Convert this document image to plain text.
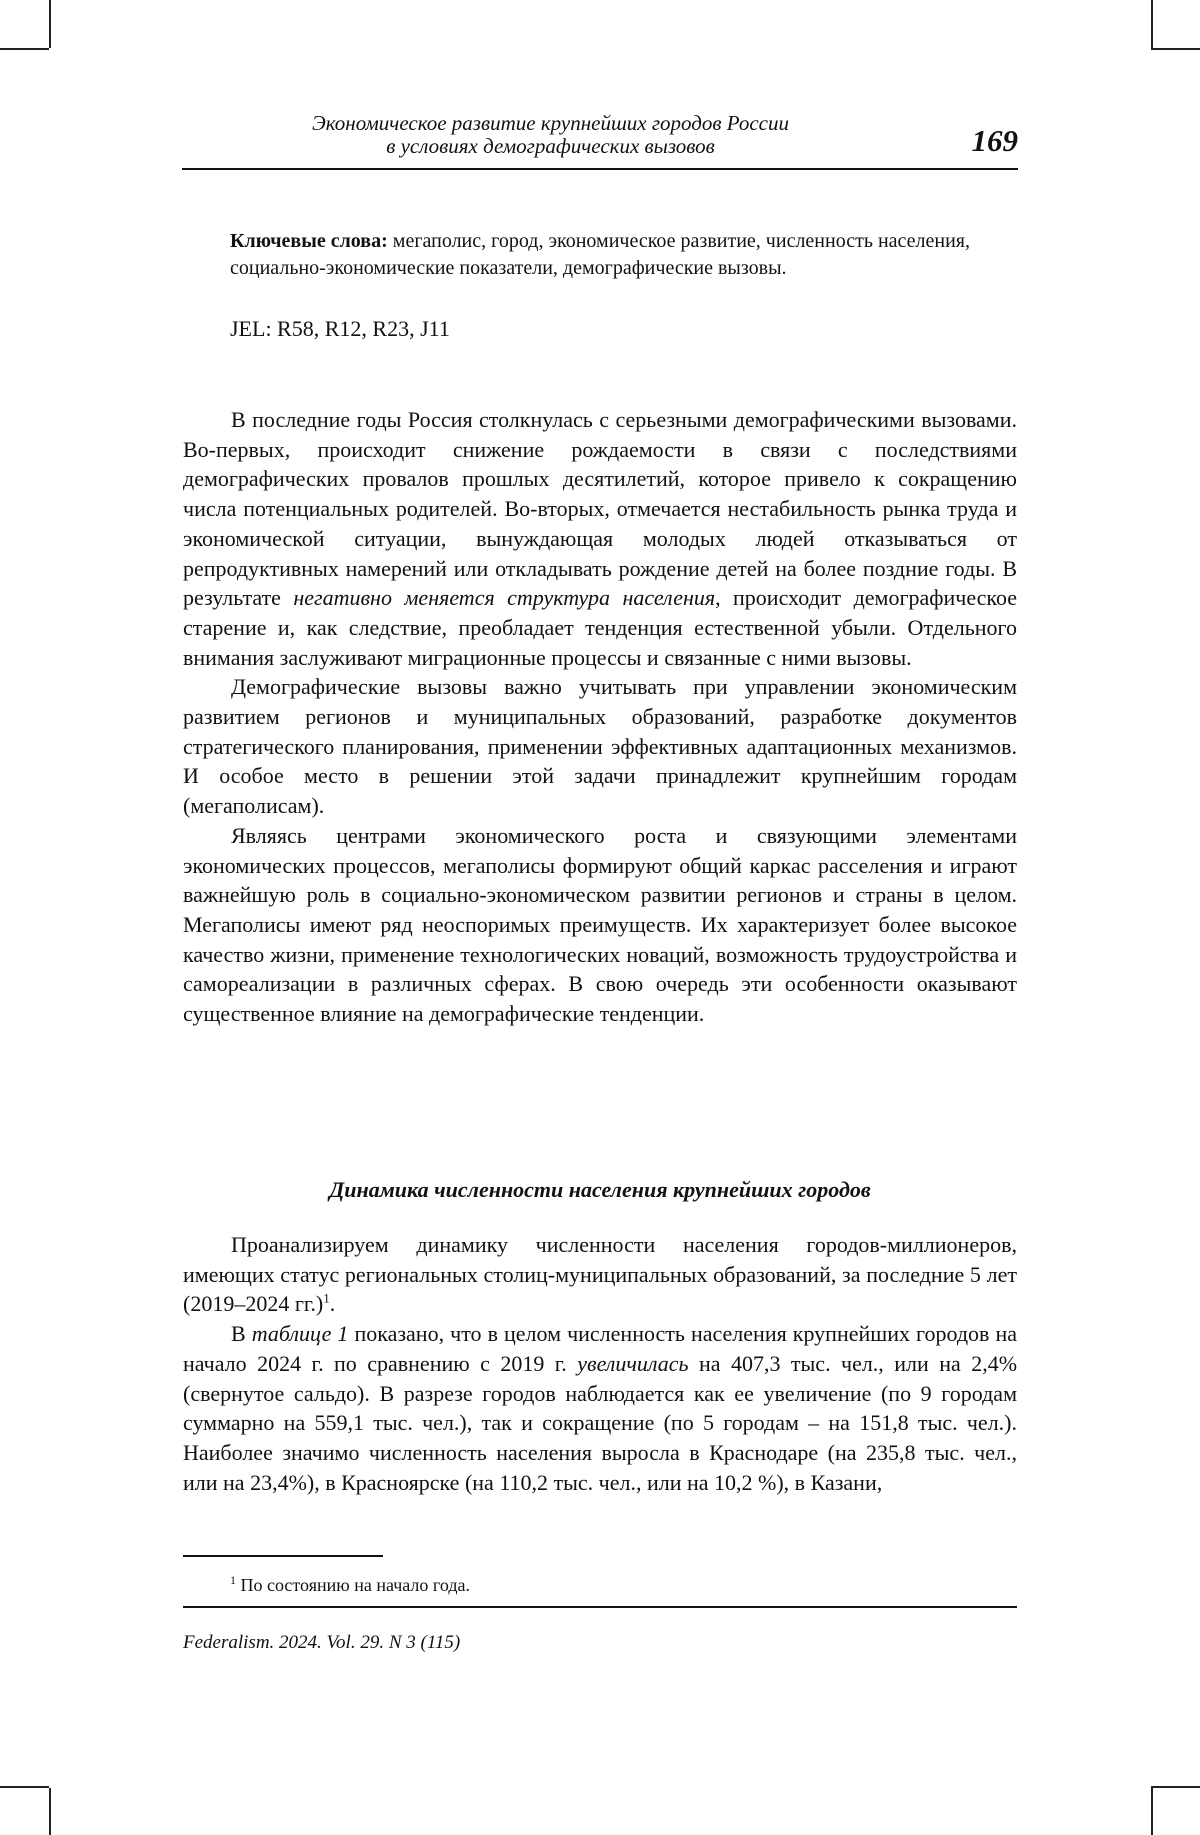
Экономическое развитие крупнейших городов России
в условиях демографических вызовов	169
Ключевые слова: мегаполис, город, экономическое развитие, численность населения, социально-экономические показатели, демографические вызовы.
JEL: R58, R12, R23, J11

В последние годы Россия столкнулась с серьезными демографическими вызовами. Во-первых, происходит снижение рождаемости в связи с последствиями демографических провалов прошлых десятилетий, которое привело к сокращению числа потенциальных родителей. Во-вторых, отмечается нестабильность рынка труда и экономической ситуации, вынуждающая молодых людей отказываться от репродуктивных намерений или откладывать рождение детей на более поздние годы. В результате негативно меняется структура населения, происходит демографическое старение и, как следствие, преобладает тенденция естественной убыли. Отдельного внимания заслуживают миграционные процессы и связанные с ними вызовы.

Демографические вызовы важно учитывать при управлении экономическим развитием регионов и муниципальных образований, разработке документов стратегического планирования, применении эффективных адаптационных механизмов. И особое место в решении этой задачи принадлежит крупнейшим городам (мегаполисам).

Являясь центрами экономического роста и связующими элементами экономических процессов, мегаполисы формируют общий каркас расселения и играют важнейшую роль в социально-экономическом развитии регионов и страны в целом. Мегаполисы имеют ряд неоспоримых преимуществ. Их характеризует более высокое качество жизни, применение технологических новаций, возможность трудоустройства и самореализации в различных сферах. В свою очередь эти особенности оказывают существенное влияние на демографические тенденции.

Динамика численности населения крупнейших городов

Проанализируем динамику численности населения городов-миллионеров, имеющих статус региональных столиц-муниципальных образований, за последние 5 лет (2019–2024 гг.)1.

В таблице 1 показано, что в целом численность населения крупнейших городов на начало 2024 г. по сравнению с 2019 г. увеличилась на 407,3 тыс. чел., или на 2,4% (свернутое сальдо). В разрезе городов наблюдается как ее увеличение (по 9 городам суммарно на 559,1 тыс. чел.), так и сокращение (по 5 городам – на 151,8 тыс. чел.). Наиболее значимо численность населения выросла в Краснодаре (на 235,8 тыс. чел., или на 23,4%), в Красноярске (на 110,2 тыс. чел., или на 10,2 %), в Казани,

1 По состоянию на начало года.
Federalism. 2024. Vol. 29. N 3 (115)
